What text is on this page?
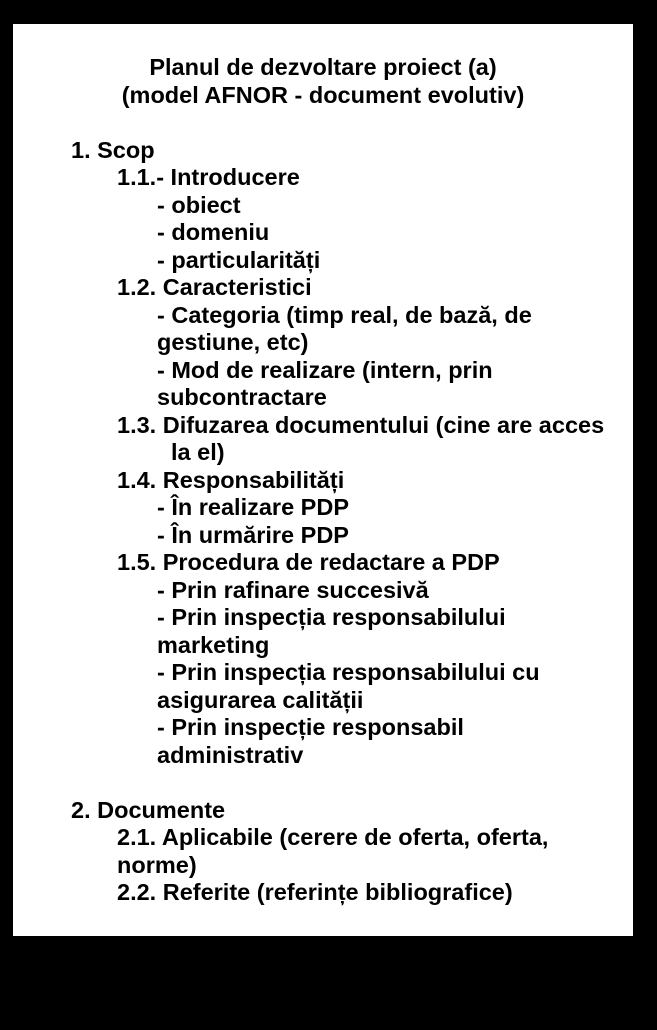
Planul de dezvoltare proiect (a)
(model AFNOR - document evolutiv)
1. Scop
1.1.- Introducere
- obiect
- domeniu
- particularități
1.2. Caracteristici
- Categoria (timp real, de bază, de
gestiune, etc)
- Mod de realizare (intern, prin
subcontractare
1.3. Difuzarea documentului (cine are acces
la el)
1.4. Responsabilități
- În realizare PDP
- În urmărire PDP
1.5. Procedura de redactare a PDP
- Prin rafinare succesivă
- Prin inspecția responsabilului
marketing
- Prin inspecția responsabilului cu
asigurarea calității
- Prin inspecție responsabil
administrativ
2. Documente
2.1. Aplicabile (cerere de oferta, oferta,
norme)
2.2. Referite (referințe bibliografice)
